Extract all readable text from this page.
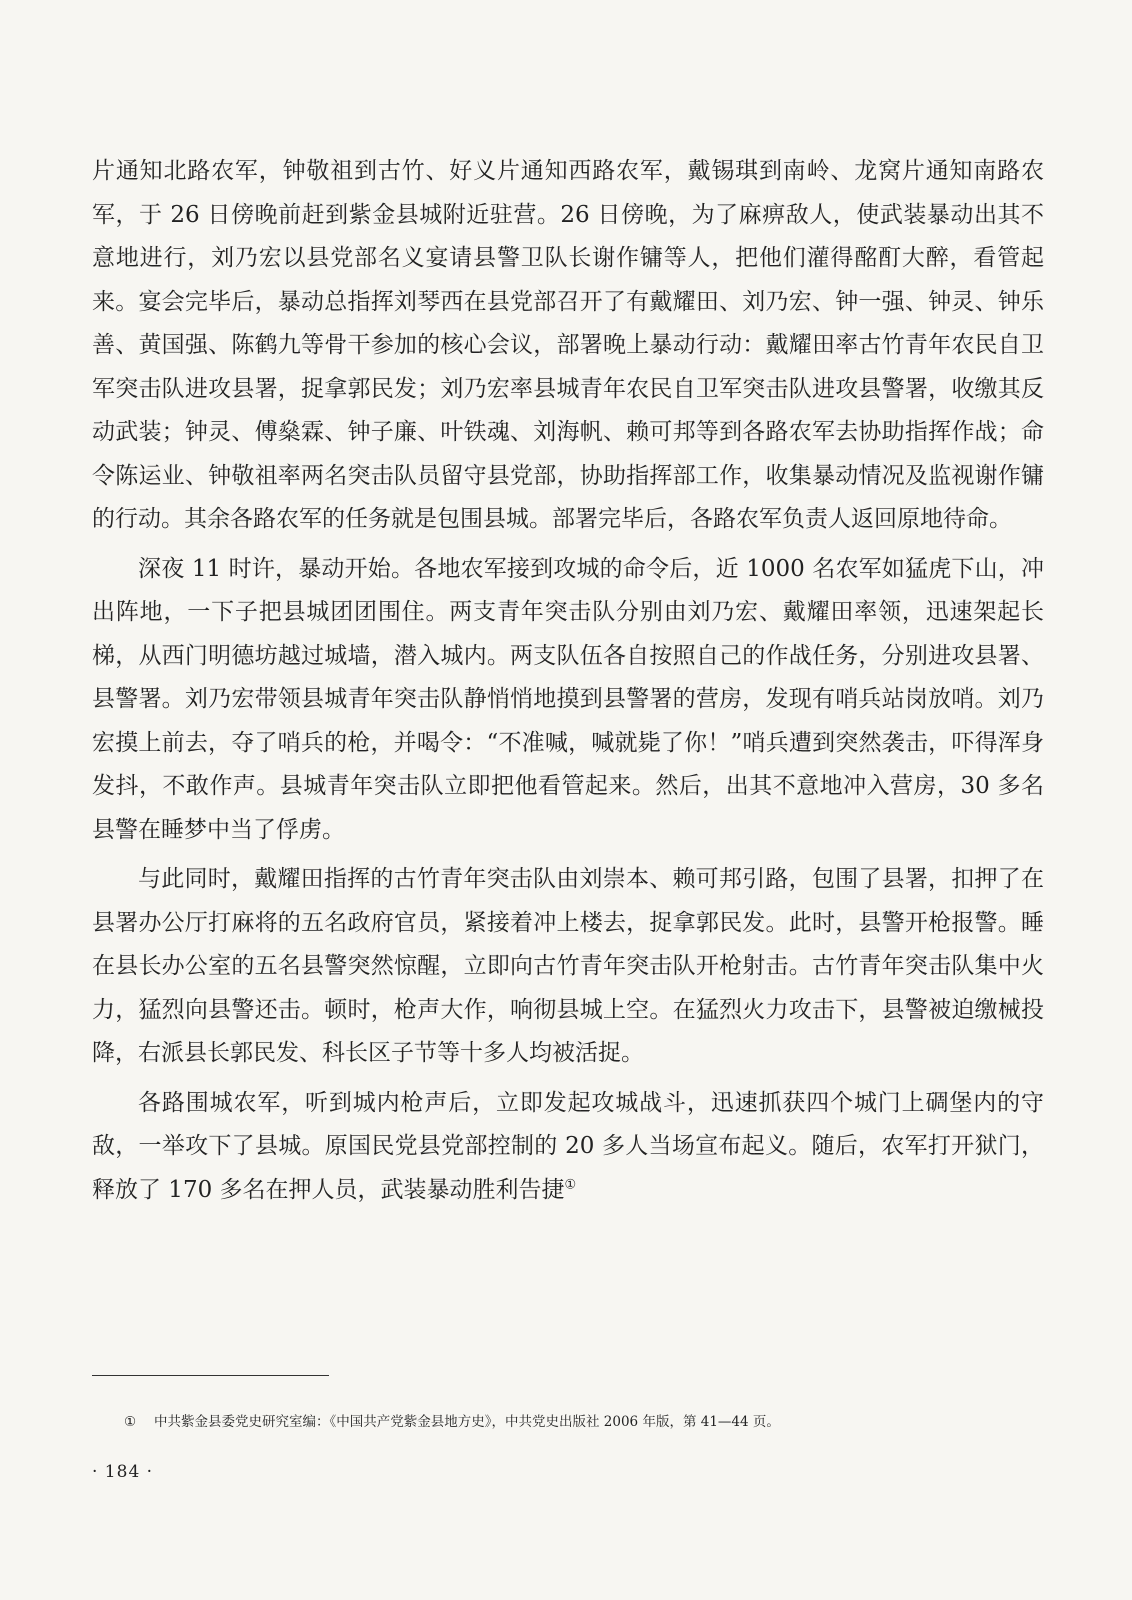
片通知北路农军，钟敬祖到古竹、好义片通知西路农军，戴锡琪到南岭、龙窝片通知南路农军，于 26 日傍晚前赶到紫金县城附近驻营。26 日傍晚，为了麻痹敌人，使武装暴动出其不意地进行，刘乃宏以县党部名义宴请县警卫队长谢作镛等人，把他们灌得酩酊大醉，看管起来。宴会完毕后，暴动总指挥刘琴西在县党部召开了有戴耀田、刘乃宏、钟一强、钟灵、钟乐善、黄国强、陈鹤九等骨干参加的核心会议，部署晚上暴动行动：戴耀田率古竹青年农民自卫军突击队进攻县署，捉拿郭民发；刘乃宏率县城青年农民自卫军突击队进攻县警署，收缴其反动武装；钟灵、傅燊霖、钟子廉、叶铁魂、刘海帆、赖可邦等到各路农军去协助指挥作战；命令陈运业、钟敬祖率两名突击队员留守县党部，协助指挥部工作，收集暴动情况及监视谢作镛的行动。其余各路农军的任务就是包围县城。部署完毕后，各路农军负责人返回原地待命。

深夜 11 时许，暴动开始。各地农军接到攻城的命令后，近 1000 名农军如猛虎下山，冲出阵地，一下子把县城团团围住。两支青年突击队分别由刘乃宏、戴耀田率领，迅速架起长梯，从西门明德坊越过城墙，潜入城内。两支队伍各自按照自己的作战任务，分别进攻县署、县警署。刘乃宏带领县城青年突击队静悄悄地摸到县警署的营房，发现有哨兵站岗放哨。刘乃宏摸上前去，夺了哨兵的枪，并喝令：“不准喊，喊就毙了你！”哨兵遭到突然袭击，吓得浑身发抖，不敢作声。县城青年突击队立即把他看管起来。然后，出其不意地冲入营房，30 多名县警在睡梦中当了俘虏。

与此同时，戴耀田指挥的古竹青年突击队由刘崇本、赖可邦引路，包围了县署，扣押了在县署办公厅打麻将的五名政府官员，紧接着冲上楼去，捉拿郭民发。此时，县警开枪报警。睡在县长办公室的五名县警突然惊醒，立即向古竹青年突击队开枪射击。古竹青年突击队集中火力，猛烈向县警还击。顿时，枪声大作，响彻县城上空。在猛烈火力攻击下，县警被迫缴械投降，右派县长郭民发、科长区子节等十多人均被活捉。

各路围城农军，听到城内枪声后，立即发起攻城战斗，迅速抓获四个城门上碉堡内的守敌，一举攻下了县城。原国民党县党部控制的 20 多人当场宣布起义。随后，农军打开狱门，释放了 170 多名在押人员，武装暴动胜利告捷①

① 中共紫金县委党史研究室编：《中国共产党紫金县地方史》，中共党史出版社 2006 年版，第 41—44 页。
· 184 ·
